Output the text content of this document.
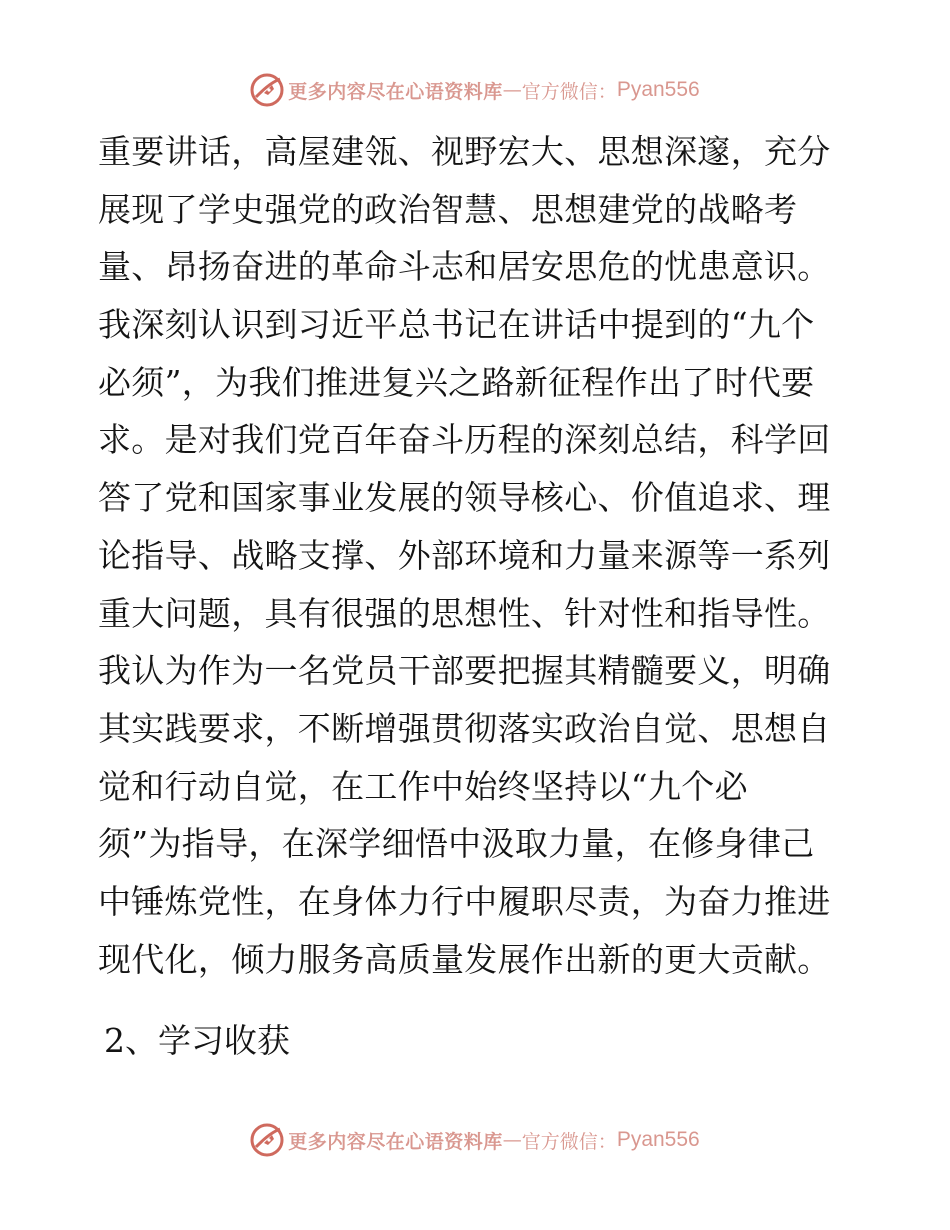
更多内容尽在心语资料库 — 官方微信： Pyan556
重要讲话，高屋建瓴、视野宏大、思想深邃，充分
展现了学史强党的政治智慧、思想建党的战略考
量、昂扬奋进的革命斗志和居安思危的忧患意识。
我深刻认识到习近平总书记在讲话中提到的“九个
必须”，为我们推进复兴之路新征程作出了时代要
求。是对我们党百年奋斗历程的深刻总结，科学回
答了党和国家事业发展的领导核心、价值追求、理
论指导、战略支撑、外部环境和力量来源等一系列
重大问题，具有很强的思想性、针对性和指导性。
我认为作为一名党员干部要把握其精髓要义，明确
其实践要求，不断增强贯彻落实政治自觉、思想自
觉和行动自觉，在工作中始终坚持以“九个必
须”为指导，在深学细悟中汲取力量，在修身律己
中锤炼党性，在身体力行中履职尽责，为奋力推进
现代化，倾力服务高质量发展作出新的更大贡献。
2、学习收获
更多内容尽在心语资料库 — 官方微信： Pyan556
